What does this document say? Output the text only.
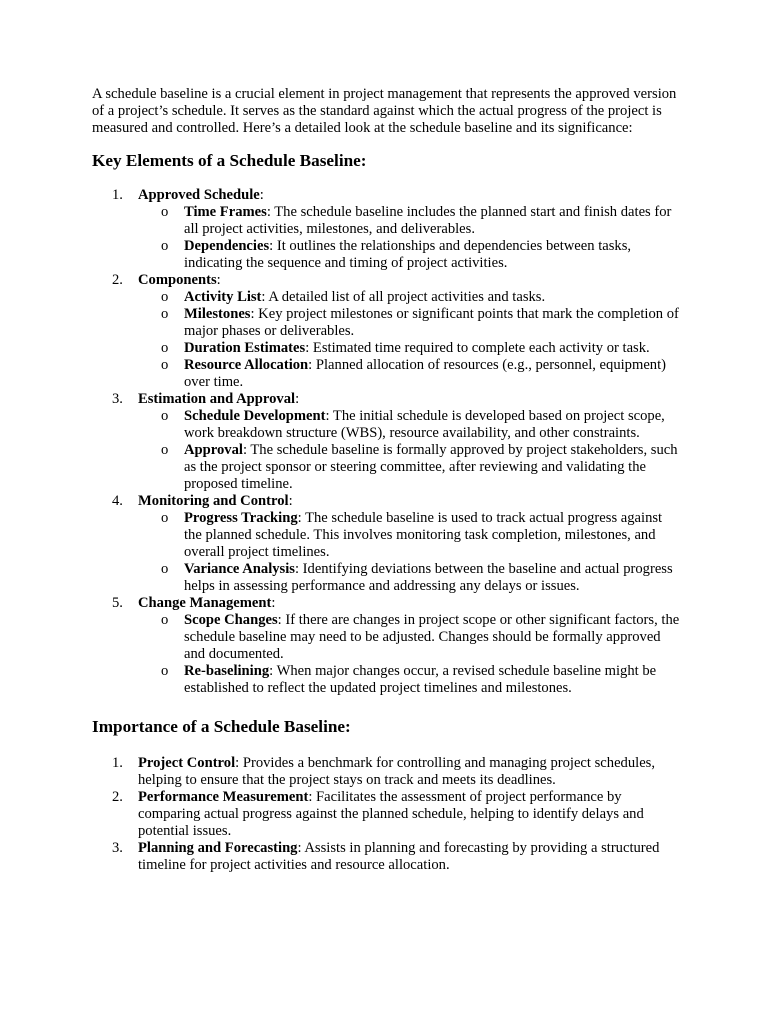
A schedule baseline is a crucial element in project management that represents the approved version of a project’s schedule. It serves as the standard against which the actual progress of the project is measured and controlled. Here’s a detailed look at the schedule baseline and its significance:

Key Elements of a Schedule Baseline:
1. Approved Schedule:
o Time Frames: The schedule baseline includes the planned start and finish dates for all project activities, milestones, and deliverables.
o Dependencies: It outlines the relationships and dependencies between tasks, indicating the sequence and timing of project activities.
2. Components:
o Activity List: A detailed list of all project activities and tasks.
o Milestones: Key project milestones or significant points that mark the completion of major phases or deliverables.
o Duration Estimates: Estimated time required to complete each activity or task.
o Resource Allocation: Planned allocation of resources (e.g., personnel, equipment) over time.
3. Estimation and Approval:
o Schedule Development: The initial schedule is developed based on project scope, work breakdown structure (WBS), resource availability, and other constraints.
o Approval: The schedule baseline is formally approved by project stakeholders, such as the project sponsor or steering committee, after reviewing and validating the proposed timeline.
4. Monitoring and Control:
o Progress Tracking: The schedule baseline is used to track actual progress against the planned schedule. This involves monitoring task completion, milestones, and overall project timelines.
o Variance Analysis: Identifying deviations between the baseline and actual progress helps in assessing performance and addressing any delays or issues.
5. Change Management:
o Scope Changes: If there are changes in project scope or other significant factors, the schedule baseline may need to be adjusted. Changes should be formally approved and documented.
o Re-baselining: When major changes occur, a revised schedule baseline might be established to reflect the updated project timelines and milestones.
Importance of a Schedule Baseline:
1. Project Control: Provides a benchmark for controlling and managing project schedules, helping to ensure that the project stays on track and meets its deadlines.
2. Performance Measurement: Facilitates the assessment of project performance by comparing actual progress against the planned schedule, helping to identify delays and potential issues.
3. Planning and Forecasting: Assists in planning and forecasting by providing a structured timeline for project activities and resource allocation.
